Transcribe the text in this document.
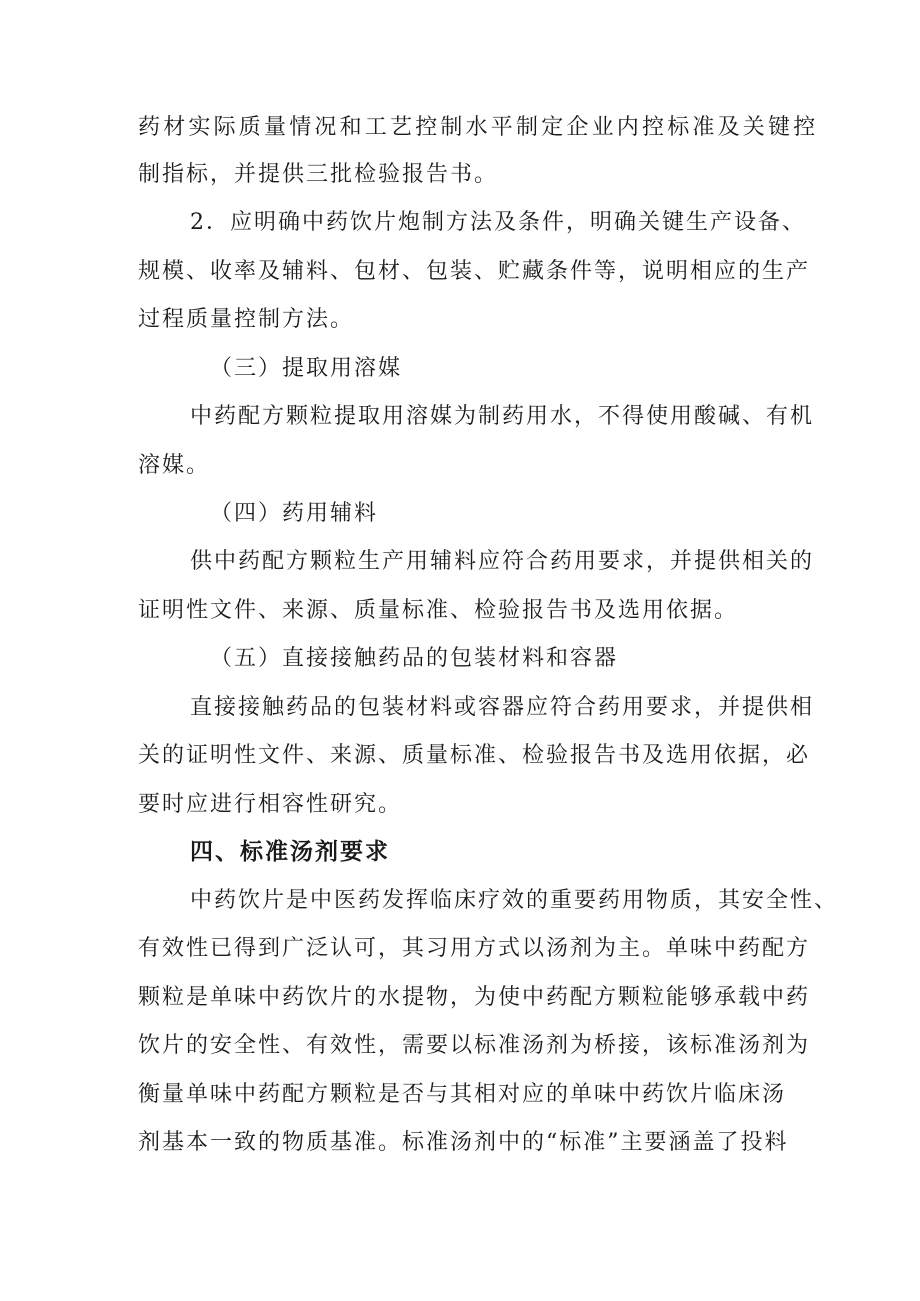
药材实际质量情况和工艺控制水平制定企业内控标准及关键控
制指标，并提供三批检验报告书。
2．应明确中药饮片炮制方法及条件，明确关键生产设备、
规模、收率及辅料、包材、包装、贮藏条件等，说明相应的生产
过程质量控制方法。
（三）提取用溶媒
中药配方颗粒提取用溶媒为制药用水，不得使用酸碱、有机
溶媒。
（四）药用辅料
供中药配方颗粒生产用辅料应符合药用要求，并提供相关的
证明性文件、来源、质量标准、检验报告书及选用依据。
（五）直接接触药品的包装材料和容器
直接接触药品的包装材料或容器应符合药用要求，并提供相
关的证明性文件、来源、质量标准、检验报告书及选用依据，必
要时应进行相容性研究。
四、标准汤剂要求
中药饮片是中医药发挥临床疗效的重要药用物质，其安全性、
有效性已得到广泛认可，其习用方式以汤剂为主。单味中药配方
颗粒是单味中药饮片的水提物，为使中药配方颗粒能够承载中药
饮片的安全性、有效性，需要以标准汤剂为桥接，该标准汤剂为
衡量单味中药配方颗粒是否与其相对应的单味中药饮片临床汤
剂基本一致的物质基准。标准汤剂中的“标准”主要涵盖了投料
